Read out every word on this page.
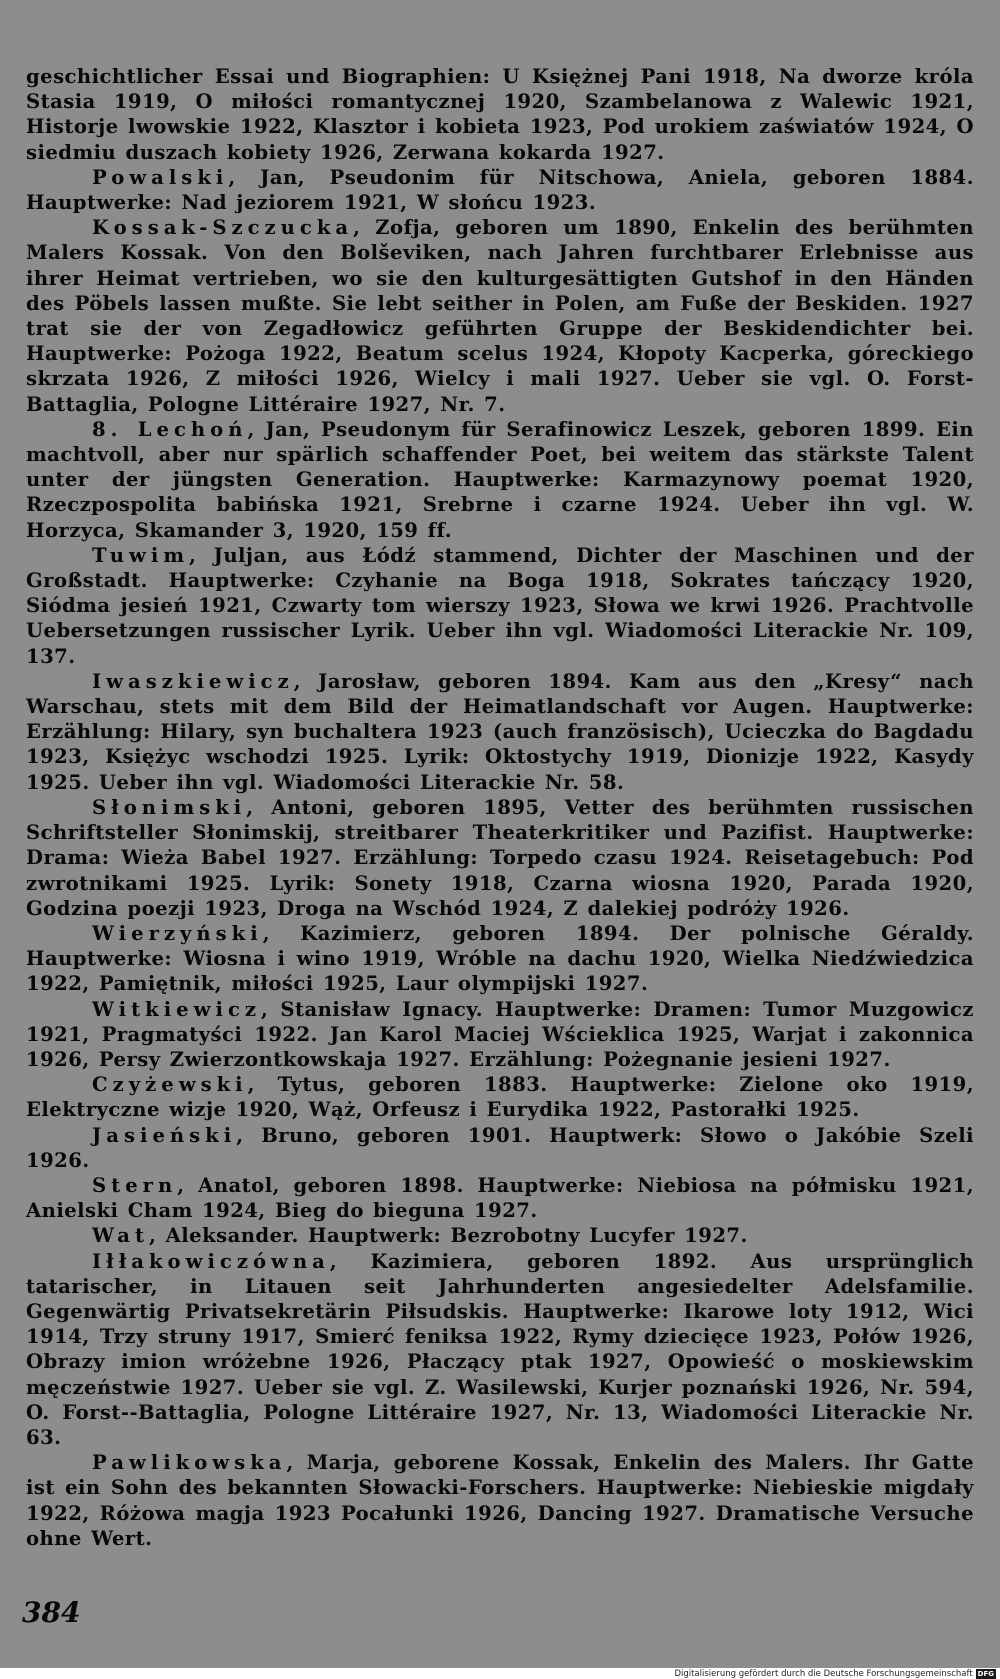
geschichtlicher Essai und Biographien: U Księżnej Pani 1918, Na dworze króla Stasia 1919, O miłości romantycznej 1920, Szambelanowa z Walewic 1921, Historje lwowskie 1922, Klasztor i kobieta 1923, Pod urokiem zaświatów 1924, O siedmiu duszach kobiety 1926, Zerwana kokarda 1927.

Powalski, Jan, Pseudonim für Nitschowa, Aniela, geboren 1884. Hauptwerke: Nad jeziorem 1921, W słońcu 1923.

Kossak-Szczucka, Zofja, geboren um 1890, Enkelin des berühmten Malers Kossak. Von den Bolševiken, nach Jahren furchtbarer Erlebnisse aus ihrer Heimat vertrieben, wo sie den kulturgesättigten Gutshof in den Händen des Pöbels lassen mußte. Sie lebt seither in Polen, am Fuße der Beskiden. 1927 trat sie der von Zegadłowicz geführten Gruppe der Beskidendichter bei. Hauptwerke: Pożoga 1922, Beatum scelus 1924, Kłopoty Kacperka, góreckiego skrzata 1926, Z miłości 1926, Wielcy i mali 1927. Ueber sie vgl. O. Forst-Battaglia, Pologne Littéraire 1927, Nr. 7.

8. Lechoń, Jan, Pseudonym für Serafinowicz Leszek, geboren 1899. Ein machtvoll, aber nur spärlich schaffender Poet, bei weitem das stärkste Talent unter der jüngsten Generation. Hauptwerke: Karmazynowy poemat 1920, Rzeczpospolita babińska 1921, Srebrne i czarne 1924. Ueber ihn vgl. W. Horzyca, Skamander 3, 1920, 159 ff.

Tuwim, Juljan, aus Łódź stammend, Dichter der Maschinen und der Großstadt. Hauptwerke: Czyhanie na Boga 1918, Sokrates tańczący 1920, Siódma jesień 1921, Czwarty tom wierszy 1923, Słowa we krwi 1926. Prachtvolle Uebersetzungen russischer Lyrik. Ueber ihn vgl. Wiadomości Literackie Nr. 109, 137.

Iwaszkiewicz, Jarosław, geboren 1894. Kam aus den „Kresy“ nach Warschau, stets mit dem Bild der Heimatlandschaft vor Augen. Hauptwerke: Erzählung: Hilary, syn buchaltera 1923 (auch französisch), Ucieczka do Bagdadu 1923, Księżyc wschodzi 1925. Lyrik: Oktostychy 1919, Dionizje 1922, Kasydy 1925. Ueber ihn vgl. Wiadomości Literackie Nr. 58.

Słonimski, Antoni, geboren 1895, Vetter des berühmten russischen Schriftsteller Słonimskij, streitbarer Theaterkritiker und Pazifist. Hauptwerke: Drama: Wieża Babel 1927. Erzählung: Torpedo czasu 1924. Reisetagebuch: Pod zwrotnikami 1925. Lyrik: Sonety 1918, Czarna wiosna 1920, Parada 1920, Godzina poezji 1923, Droga na Wschód 1924, Z dalekiej podróży 1926.

Wierzyński, Kazimierz, geboren 1894. Der polnische Géraldy. Hauptwerke: Wiosna i wino 1919, Wróble na dachu 1920, Wielka Niedźwiedzica 1922, Pamiętnik, miłości 1925, Laur olympijski 1927.

Witkiewicz, Stanisław Ignacy. Hauptwerke: Dramen: Tumor Muzgowicz 1921, Pragmatyści 1922. Jan Karol Maciej Wścieklica 1925, Warjat i zakonnica 1926, Persy Zwierzontkowskaja 1927. Erzählung: Pożegnanie jesieni 1927.

Czyżewski, Tytus, geboren 1883. Hauptwerke: Zielone oko 1919, Elektryczne wizje 1920, Wąż, Orfeusz i Eurydika 1922, Pastorałki 1925.

Jasieński, Bruno, geboren 1901. Hauptwerk: Słowo o Jakóbie Szeli 1926.

Stern, Anatol, geboren 1898. Hauptwerke: Niebiosa na półmisku 1921, Anielski Cham 1924, Bieg do bieguna 1927.

Wat, Aleksander. Hauptwerk: Bezrobotny Lucyfer 1927.

Iłłakowiczówna, Kazimiera, geboren 1892. Aus ursprünglich tatarischer, in Litauen seit Jahrhunderten angesiedelter Adelsfamilie. Gegenwärtig Privatsekretärin Piłsudskis. Hauptwerke: Ikarowe loty 1912, Wici 1914, Trzy struny 1917, Smierć feniksa 1922, Rymy dziecięce 1923, Połów 1926, Obrazy imion wróżebne 1926, Płaczący ptak 1927, Opowieść o moskiewskim męczeństwie 1927. Ueber sie vgl. Z. Wasilewski, Kurjer poznański 1926, Nr. 594, O. Forst--Battaglia, Pologne Littéraire 1927, Nr. 13, Wiadomości Literackie Nr. 63.

Pawlikowska, Marja, geborene Kossak, Enkelin des Malers. Ihr Gatte ist ein Sohn des bekannten Słowacki-Forschers. Hauptwerke: Niebieskie migdały 1922, Różowa magja 1923 Pocałunki 1926, Dancing 1927. Dramatische Versuche ohne Wert.

384
Digitalisierung gefördert durch die Deutsche Forschungsgemeinschaft DFG
